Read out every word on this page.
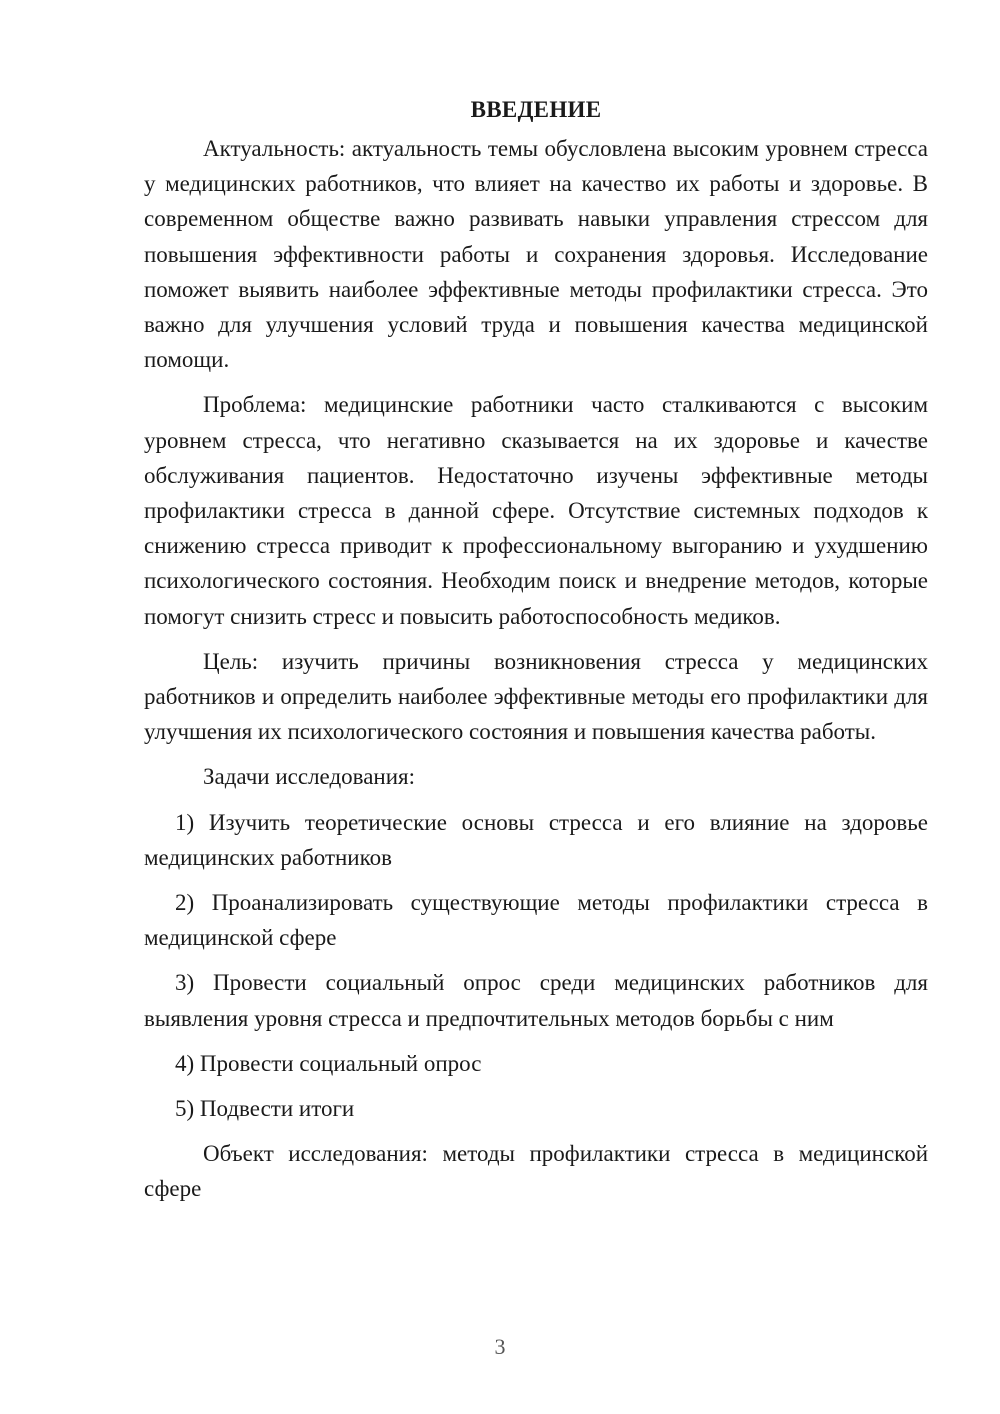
ВВЕДЕНИЕ

Актуальность: актуальность темы обусловлена высоким уровнем стресса у медицинских работников, что влияет на качество их работы и здоровье. В современном обществе важно развивать навыки управления стрессом для повышения эффективности работы и сохранения здоровья. Исследование поможет выявить наиболее эффективные методы профилактики стресса. Это важно для улучшения условий труда и повышения качества медицинской помощи.

Проблема: медицинские работники часто сталкиваются с высоким уровнем стресса, что негативно сказывается на их здоровье и качестве обслуживания пациентов. Недостаточно изучены эффективные методы профилактики стресса в данной сфере. Отсутствие системных подходов к снижению стресса приводит к профессиональному выгоранию и ухудшению психологического состояния. Необходим поиск и внедрение методов, которые помогут снизить стресс и повысить работоспособность медиков.

Цель: изучить причины возникновения стресса у медицинских работников и определить наиболее эффективные методы его профилактики для улучшения их психологического состояния и повышения качества работы.

Задачи исследования:

1) Изучить теоретические основы стресса и его влияние на здоровье медицинских работников

2) Проанализировать существующие методы профилактики стресса в медицинской сфере

3) Провести социальный опрос среди медицинских работников для выявления уровня стресса и предпочтительных методов борьбы с ним

4) Провести социальный опрос

5) Подвести итоги

Объект исследования: методы профилактики стресса в медицинской сфере

3
